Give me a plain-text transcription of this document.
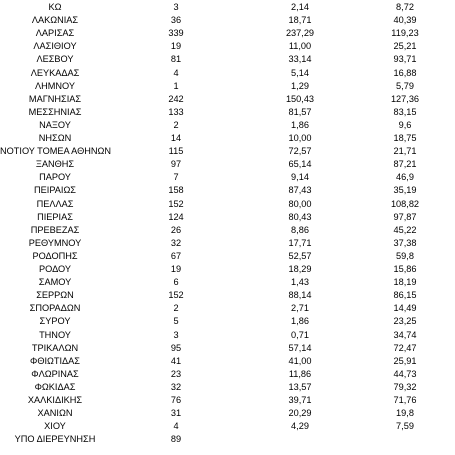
ΚΩ	3	2,14	8,72
ΛΑΚΩΝΙΑΣ	36	18,71	40,39
ΛΑΡΙΣΑΣ	339	237,29	119,23
ΛΑΣΙΘΙΟΥ	19	11,00	25,21
ΛΕΣΒΟΥ	81	33,14	93,71
ΛΕΥΚΑΔΑΣ	4	5,14	16,88
ΛΗΜΝΟΥ	1	1,29	5,79
ΜΑΓΝΗΣΙΑΣ	242	150,43	127,36
ΜΕΣΣΗΝΙΑΣ	133	81,57	83,15
ΝΑΞΟΥ	2	1,86	9,6
ΝΗΣΩΝ	14	10,00	18,75
ΝΟΤΙΟΥ ΤΟΜΕΑ ΑΘΗΝΩΝ	115	72,57	21,71
ΞΑΝΘΗΣ	97	65,14	87,21
ΠΑΡΟΥ	7	9,14	46,9
ΠΕΙΡΑΙΩΣ	158	87,43	35,19
ΠΕΛΛΑΣ	152	80,00	108,82
ΠΙΕΡΙΑΣ	124	80,43	97,87
ΠΡΕΒΕΖΑΣ	26	8,86	45,22
ΡΕΘΥΜΝΟΥ	32	17,71	37,38
ΡΟΔΟΠΗΣ	67	52,57	59,8
ΡΟΔΟΥ	19	18,29	15,86
ΣΑΜΟΥ	6	1,43	18,19
ΣΕΡΡΩΝ	152	88,14	86,15
ΣΠΟΡΑΔΩΝ	2	2,71	14,49
ΣΥΡΟΥ	5	1,86	23,25
ΤΗΝΟΥ	3	0,71	34,74
ΤΡΙΚΑΛΩΝ	95	57,14	72,47
ΦΘΙΩΤΙΔΑΣ	41	41,00	25,91
ΦΛΩΡΙΝΑΣ	23	11,86	44,73
ΦΩΚΙΔΑΣ	32	13,57	79,32
ΧΑΛΚΙΔΙΚΗΣ	76	39,71	71,76
ΧΑΝΙΩΝ	31	20,29	19,8
ΧΙΟΥ	4	4,29	7,59
ΥΠΟ ΔΙΕΡΕΥΝΗΣΗ	89
